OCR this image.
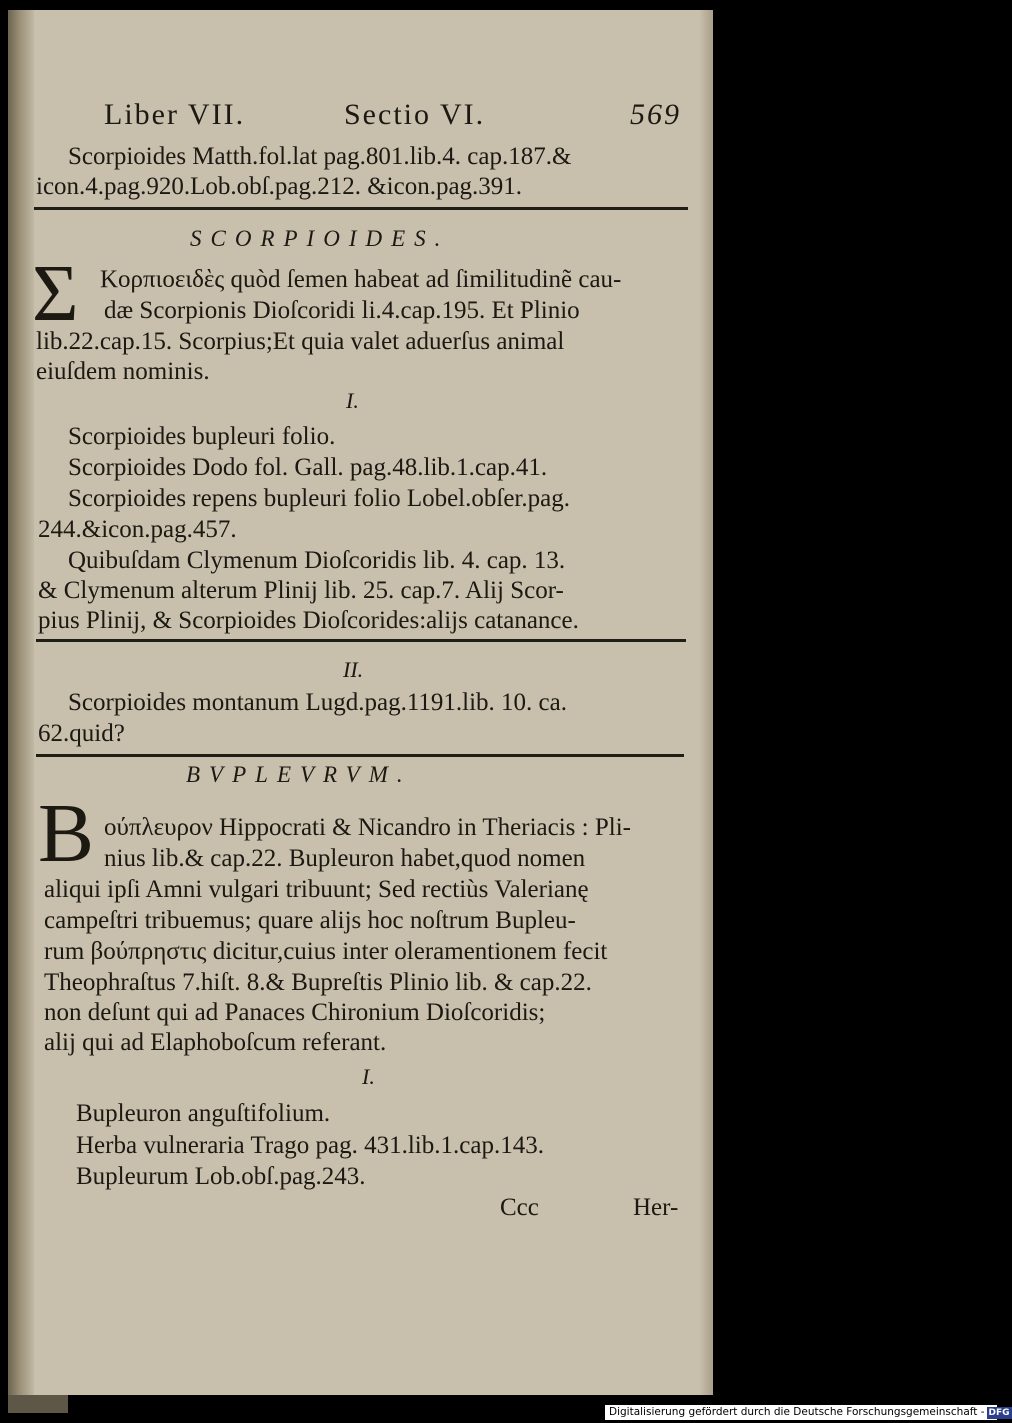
Liber VII.	Sectio VI.	569
Scorpioides Matth.fol.lat pag.801.lib.4. cap.187.&
icon.4.pag.920.Lob.obſ.pag.212. &icon.pag.391.
SCORPIOIDES.
Σ Κορπιοειδὲς quòd ſemen habeat ad ſimilitudinẽ cau-
dæ Scorpionis Dioſcoridi li.4.cap.195. Et Plinio
lib.22.cap.15. Scorpius;Et quia valet aduerſus animal
eiuſdem nominis.
I.
Scorpioides bupleuri folio.
Scorpioides Dodo fol. Gall. pag.48.lib.1.cap.41.
Scorpioides repens bupleuri folio Lobel.obſer.pag.
244.&icon.pag.457.
Quibuſdam Clymenum Dioſcoridis lib. 4. cap. 13.
& Clymenum alterum Plinij lib. 25. cap.7. Alij Scor-
pius Plinij, & Scorpioides Dioſcorides:alijs catanance.
II.
Scorpioides montanum Lugd.pag.1191.lib. 10. ca.
62.quid?
BVPLEVRVM.
B ούπλευρον Hippocrati & Nicandro in Theriacis : Pli-
nius lib.& cap.22. Bupleuron habet,quod nomen
aliqui ipſi Amni vulgari tribuunt; Sed rectiùs Valerianę
campeſtri tribuemus; quare alijs hoc noſtrum Bupleu-
rum βούπρηστις dicitur,cuius inter oleramentionem fecit
Theophraſtus 7.hiſt. 8.& Bupreſtis Plinio lib. & cap.22.
non deſunt qui ad Panaces Chironium Dioſcoridis;
alij qui ad Elaphoboſcum referant.
I.
Bupleuron anguſtifolium.
Herba vulneraria Trago pag. 431.lib.1.cap.143.
Bupleurum Lob.obſ.pag.243.
Ccc	Her-
Digitalisierung gefördert durch die Deutsche Forschungsgemeinschaft - DFG
